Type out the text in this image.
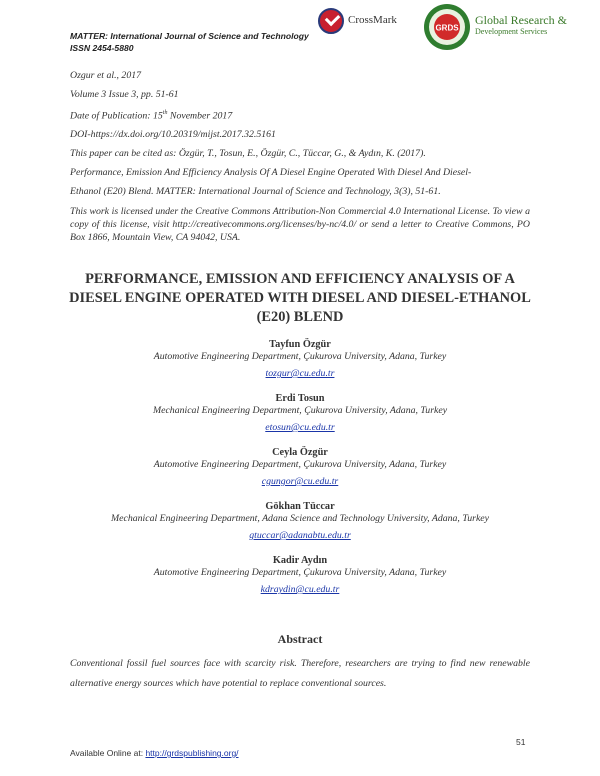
MATTER: International Journal of Science and Technology
ISSN 2454-5880
CrossMark
GRDS
Global Research &
Development Services
Ozgur et al., 2017
Volume 3 Issue 3, pp. 51-61
Date of Publication: 15th November 2017
DOI-https://dx.doi.org/10.20319/mijst.2017.32.5161
This paper can be cited as: Özgür, T., Tosun, E., Özgür, C., Tüccar, G., & Aydın, K. (2017).
Performance, Emission And Efficiency Analysis Of A Diesel Engine Operated With Diesel And Diesel-
Ethanol (E20) Blend. MATTER: International Journal of Science and Technology, 3(3), 51-61.
This work is licensed under the Creative Commons Attribution-Non Commercial 4.0 International License. To view a copy of this license, visit http://creativecommons.org/licenses/by-nc/4.0/ or send a letter to Creative Commons, PO Box 1866, Mountain View, CA 94042, USA.
PERFORMANCE, EMISSION AND EFFICIENCY ANALYSIS OF A DIESEL ENGINE OPERATED WITH DIESEL AND DIESEL-ETHANOL (E20) BLEND
Tayfun Özgür
Automotive Engineering Department, Çukurova University, Adana, Turkey
tozgur@cu.edu.tr
Erdi Tosun
Mechanical Engineering Department, Çukurova University, Adana, Turkey
etosun@cu.edu.tr
Ceyla Özgür
Automotive Engineering Department, Çukurova University, Adana, Turkey
cgungor@cu.edu.tr
Gökhan Tüccar
Mechanical Engineering Department, Adana Science and Technology University, Adana, Turkey
gtuccar@adanabtu.edu.tr
Kadir Aydın
Automotive Engineering Department, Çukurova University, Adana, Turkey
kdraydin@cu.edu.tr
Abstract
Conventional fossil fuel sources face with scarcity risk. Therefore, researchers are trying to find new renewable alternative energy sources which have potential to replace conventional sources.
51
Available Online at: http://grdspublishing.org/
